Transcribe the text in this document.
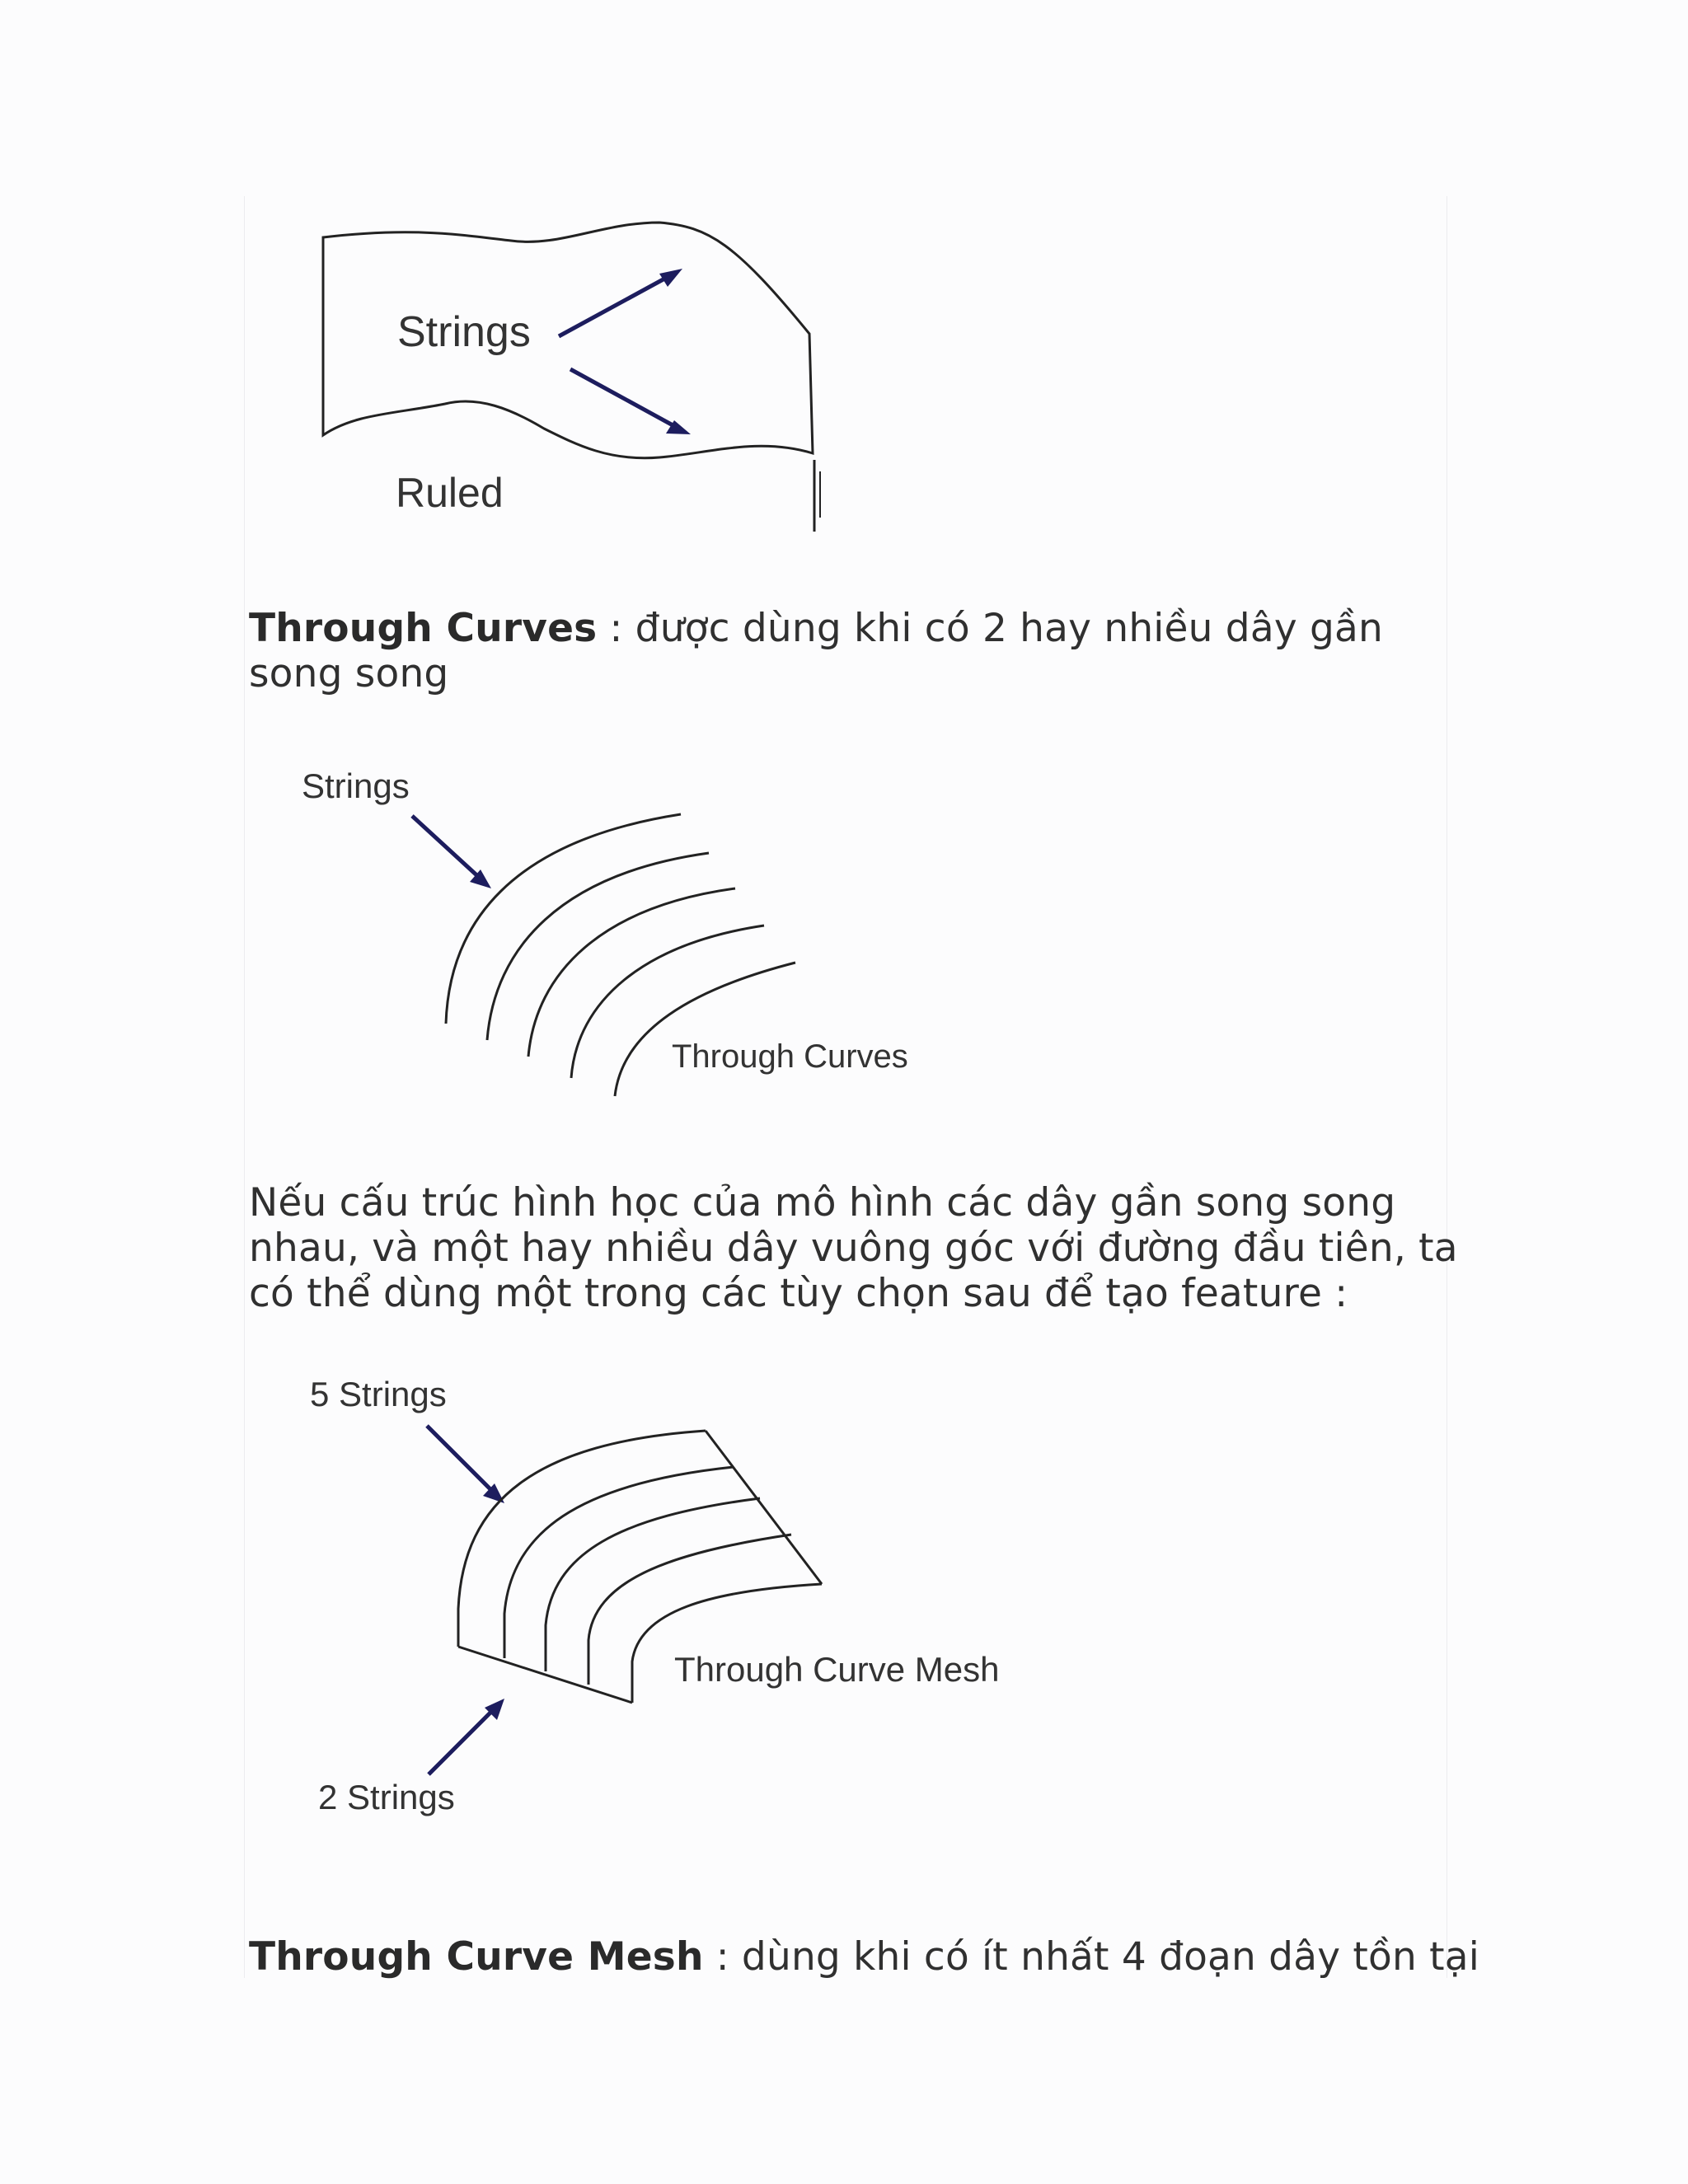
Strings
Ruled

Through Curves : được dùng khi có 2 hay nhiều dây gần
song song

Strings
Through Curves

Nếu cấu trúc hình học của mô hình các dây gần song song
nhau, và một hay nhiều dây vuông góc với đường đầu tiên, ta
có thể dùng một trong các tùy chọn sau để tạo feature :

5 Strings
Through Curve Mesh
2 Strings

Through Curve Mesh : dùng khi có ít nhất 4 đoạn dây tồn tại
